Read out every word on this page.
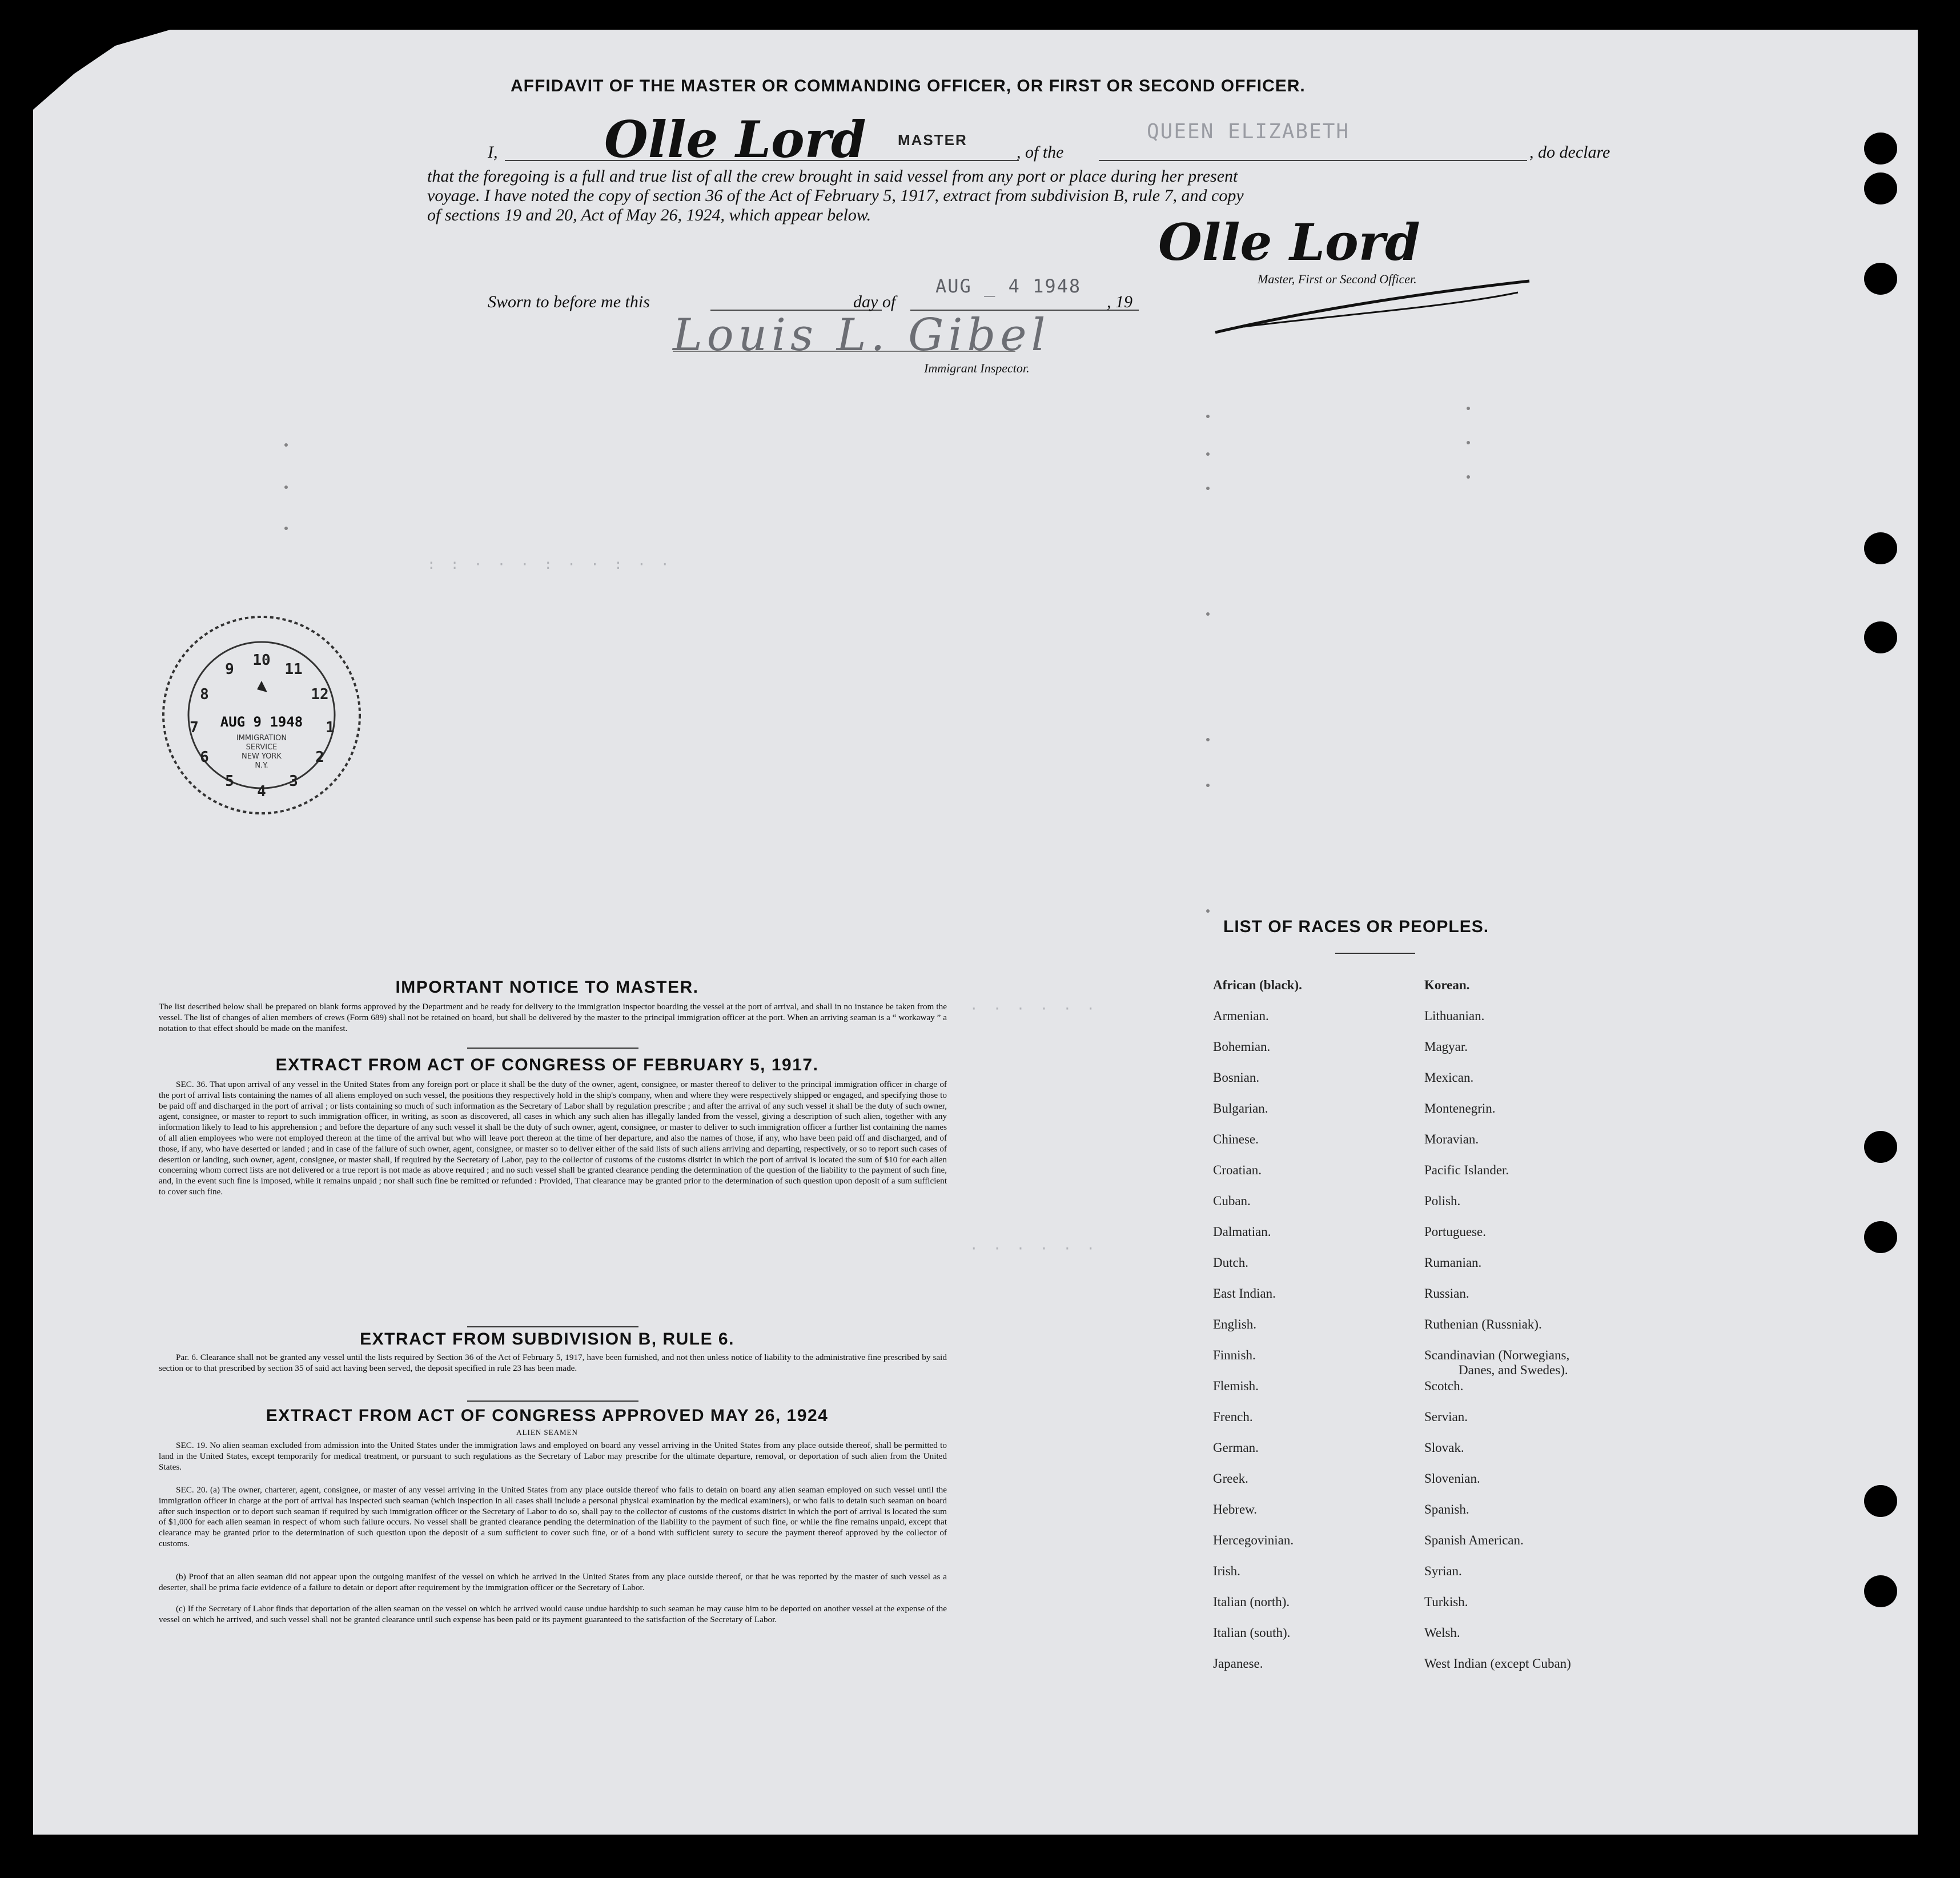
AFFIDAVIT OF THE MASTER OR COMMANDING OFFICER, OR FIRST OR SECOND OFFICER.
I, Olle Lord MASTER
, of the
QUEEN ELIZABETH
, do declare
that the foregoing is a full and true list of all the crew brought in said vessel from any port or place during her present
voyage. I have noted the copy of section 36 of the Act of February 5, 1917, extract from subdivision B, rule 7, and copy
of sections 19 and 20, Act of May 26, 1924, which appear below.	Olle Lord
Master, First or Second Officer.
Sworn to before me this	day of
AUG _ 4 1948
, 19
Louis L. Gibel
Immigrant Inspector.
: : · · · : · · : · ·
· · · · · ·
· · · · · ·
1
2
3
4
5
6
7
8
9
10
11
12
AUG 9 1948
IMMIGRATION
SERVICE
NEW YORK
N.Y.
IMPORTANT NOTICE TO MASTER.
The list described below shall be prepared on blank forms approved by the Department and be ready for delivery to the immigration inspector boarding the vessel at the port of arrival, and shall in no instance be taken from the vessel. The list of changes of alien members of crews (Form 689) shall not be retained on board, but shall be delivered by the master to the principal immigration officer at the port. When an arriving seaman is a “ workaway ” a notation to that effect should be made on the manifest.
EXTRACT FROM ACT OF CONGRESS OF FEBRUARY 5, 1917.
SEC. 36. That upon arrival of any vessel in the United States from any foreign port or place it shall be the duty of the owner, agent, consignee, or master thereof to deliver to the principal immigration officer in charge of the port of arrival lists containing the names of all aliens employed on such vessel, the positions they respectively hold in the ship's company, when and where they were respectively shipped or engaged, and specifying those to be paid off and discharged in the port of arrival ; or lists containing so much of such information as the Secretary of Labor shall by regulation prescribe ; and after the arrival of any such vessel it shall be the duty of such owner, agent, consignee, or master to report to such immigration officer, in writing, as soon as discovered, all cases in which any such alien has illegally landed from the vessel, giving a description of such alien, together with any information likely to lead to his apprehension ; and before the departure of any such vessel it shall be the duty of such owner, agent, consignee, or master to deliver to such immigration officer a further list containing the names of all alien employees who were not employed thereon at the time of the arrival but who will leave port thereon at the time of her departure, and also the names of those, if any, who have been paid off and discharged, and of those, if any, who have deserted or landed ; and in case of the failure of such owner, agent, consignee, or master so to deliver either of the said lists of such aliens arriving and departing, respectively, or so to report such cases of desertion or landing, such owner, agent, consignee, or master shall, if required by the Secretary of Labor, pay to the collector of customs of the customs district in which the port of arrival is located the sum of $10 for each alien concerning whom correct lists are not delivered or a true report is not made as above required ; and no such vessel shall be granted clearance pending the determination of the question of the liability to the payment of such fine, and, in the event such fine is imposed, while it remains unpaid ; nor shall such fine be remitted or refunded : Provided, That clearance may be granted prior to the determination of such question upon deposit of a sum sufficient to cover such fine.
EXTRACT FROM SUBDIVISION B, RULE 6.
Par. 6. Clearance shall not be granted any vessel until the lists required by Section 36 of the Act of February 5, 1917, have been furnished, and not then unless notice of liability to the administrative fine prescribed by said section or to that prescribed by section 35 of said act having been served, the deposit specified in rule 23 has been made.
EXTRACT FROM ACT OF CONGRESS APPROVED MAY 26, 1924
ALIEN SEAMEN
SEC. 19. No alien seaman excluded from admission into the United States under the immigration laws and employed on board any vessel arriving in the United States from any place outside thereof, shall be permitted to land in the United States, except temporarily for medical treatment, or pursuant to such regulations as the Secretary of Labor may prescribe for the ultimate departure, removal, or deportation of such alien from the United States.
SEC. 20. (a) The owner, charterer, agent, consignee, or master of any vessel arriving in the United States from any place outside thereof who fails to detain on board any alien seaman employed on such vessel until the immigration officer in charge at the port of arrival has inspected such seaman (which inspection in all cases shall include a personal physical examination by the medical examiners), or who fails to detain such seaman on board after such inspection or to deport such seaman if required by such immigration officer or the Secretary of Labor to do so, shall pay to the collector of customs of the customs district in which the port of arrival is located the sum of $1,000 for each alien seaman in respect of whom such failure occurs. No vessel shall be granted clearance pending the determination of the liability to the payment of such fine, or while the fine remains unpaid, except that clearance may be granted prior to the determination of such question upon the deposit of a sum sufficient to cover such fine, or of a bond with sufficient surety to secure the payment thereof approved by the collector of customs.
(b) Proof that an alien seaman did not appear upon the outgoing manifest of the vessel on which he arrived in the United States from any place outside thereof, or that he was reported by the master of such vessel as a deserter, shall be prima facie evidence of a failure to detain or deport after requirement by the immigration officer or the Secretary of Labor.
(c) If the Secretary of Labor finds that deportation of the alien seaman on the vessel on which he arrived would cause undue hardship to such seaman he may cause him to be deported on another vessel at the expense of the vessel on which he arrived, and such vessel shall not be granted clearance until such expense has been paid or its payment guaranteed to the satisfaction of the Secretary of Labor.
LIST OF RACES OR PEOPLES.
African (black).
Armenian.
Bohemian.
Bosnian.
Bulgarian.
Chinese.
Croatian.
Cuban.
Dalmatian.
Dutch.
East Indian.
English.
Finnish.
Flemish.
French.
German.
Greek.
Hebrew.
Hercegovinian.
Irish.
Italian (north).
Italian (south).
Japanese.
Korean.
Lithuanian.
Magyar.
Mexican.
Montenegrin.
Moravian.
Pacific Islander.
Polish.
Portuguese.
Rumanian.
Russian.
Ruthenian (Russniak).
Scandinavian (Norwegians,
Danes, and Swedes).
Scotch.
Servian.
Slovak.
Slovenian.
Spanish.
Spanish American.
Syrian.
Turkish.
Welsh.
West Indian (except Cuban)
